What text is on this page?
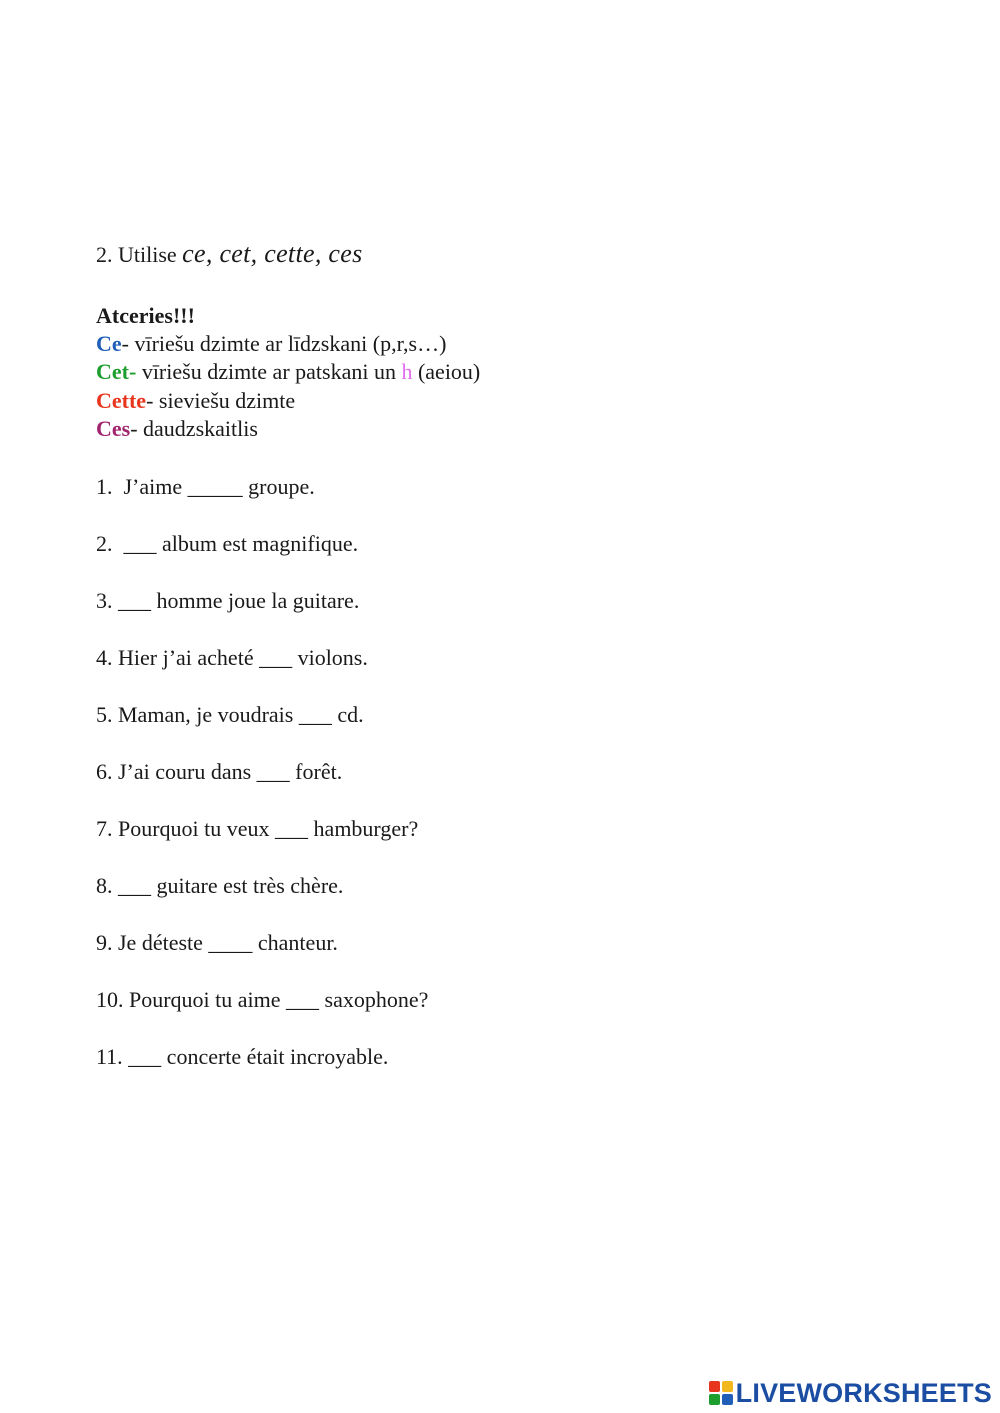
2. Utilise ce, cet, cette, ces
Atceries!!!
Ce- vīriešu dzimte ar līdzskani (p,r,s…)
Cet- vīriešu dzimte ar patskani un h (aeiou)
Cette- sieviešu dzimte
Ces- daudzskaitlis
1.  J’aime _____ groupe.
2.  ___ album est magnifique.
3. ___ homme joue la guitare.
4. Hier j’ai acheté ___ violons.
5. Maman, je voudrais ___ cd.
6. J’ai couru dans ___ forêt.
7. Pourquoi tu veux ___ hamburger?
8. ___ guitare est très chère.
9. Je déteste ____ chanteur.
10. Pourquoi tu aime ___ saxophone?
11. ___ concerte était incroyable.
LIVEWORKSHEETS
